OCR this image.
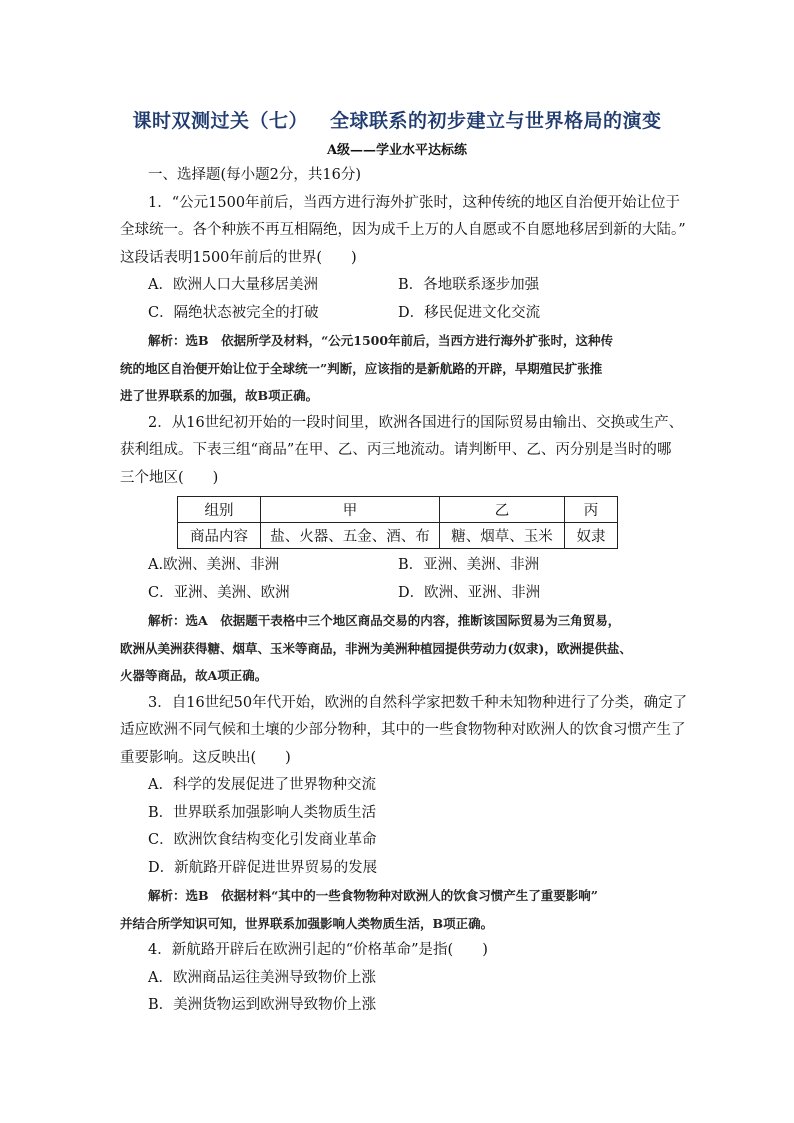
课时双测过关（七） 全球联系的初步建立与世界格局的演变
A级——学业水平达标练
一、选择题(每小题2分，共16分)
1．“公元1500年前后，当西方进行海外扩张时，这种传统的地区自治便开始让位于
全球统一。各个种族不再互相隔绝，因为成千上万的人自愿或不自愿地移居到新的大陆。”
这段话表明1500年前后的世界(　　)
A．欧洲人口大量移居美洲	B．各地联系逐步加强
C．隔绝状态被完全的打破	D．移民促进文化交流
解析：选B　依据所学及材料，“公元1500年前后，当西方进行海外扩张时，这种传
统的地区自治便开始让位于全球统一”判断，应该指的是新航路的开辟，早期殖民扩张推
进了世界联系的加强，故B项正确。
2．从16世纪初开始的一段时间里，欧洲各国进行的国际贸易由输出、交换或生产、
获利组成。下表三组“商品”在甲、乙、丙三地流动。请判断甲、乙、丙分别是当时的哪
三个地区(　　)
组别	甲	乙	丙
商品内容	盐、火器、五金、酒、布	糖、烟草、玉米	奴隶
A.欧洲、美洲、非洲	B．亚洲、美洲、非洲
C．亚洲、美洲、欧洲	D．欧洲、亚洲、非洲
解析：选A　依据题干表格中三个地区商品交易的内容，推断该国际贸易为三角贸易，
欧洲从美洲获得糖、烟草、玉米等商品，非洲为美洲种植园提供劳动力(奴隶)，欧洲提供盐、
火器等商品，故A项正确。
3．自16世纪50年代开始，欧洲的自然科学家把数千种未知物种进行了分类，确定了
适应欧洲不同气候和土壤的少部分物种，其中的一些食物物种对欧洲人的饮食习惯产生了
重要影响。这反映出(　　)
A．科学的发展促进了世界物种交流
B．世界联系加强影响人类物质生活
C．欧洲饮食结构变化引发商业革命
D．新航路开辟促进世界贸易的发展
解析：选B　依据材料“其中的一些食物物种对欧洲人的饮食习惯产生了重要影响”
并结合所学知识可知，世界联系加强影响人类物质生活，B项正确。
4．新航路开辟后在欧洲引起的“价格革命”是指(　　)
A．欧洲商品运往美洲导致物价上涨
B．美洲货物运到欧洲导致物价上涨
